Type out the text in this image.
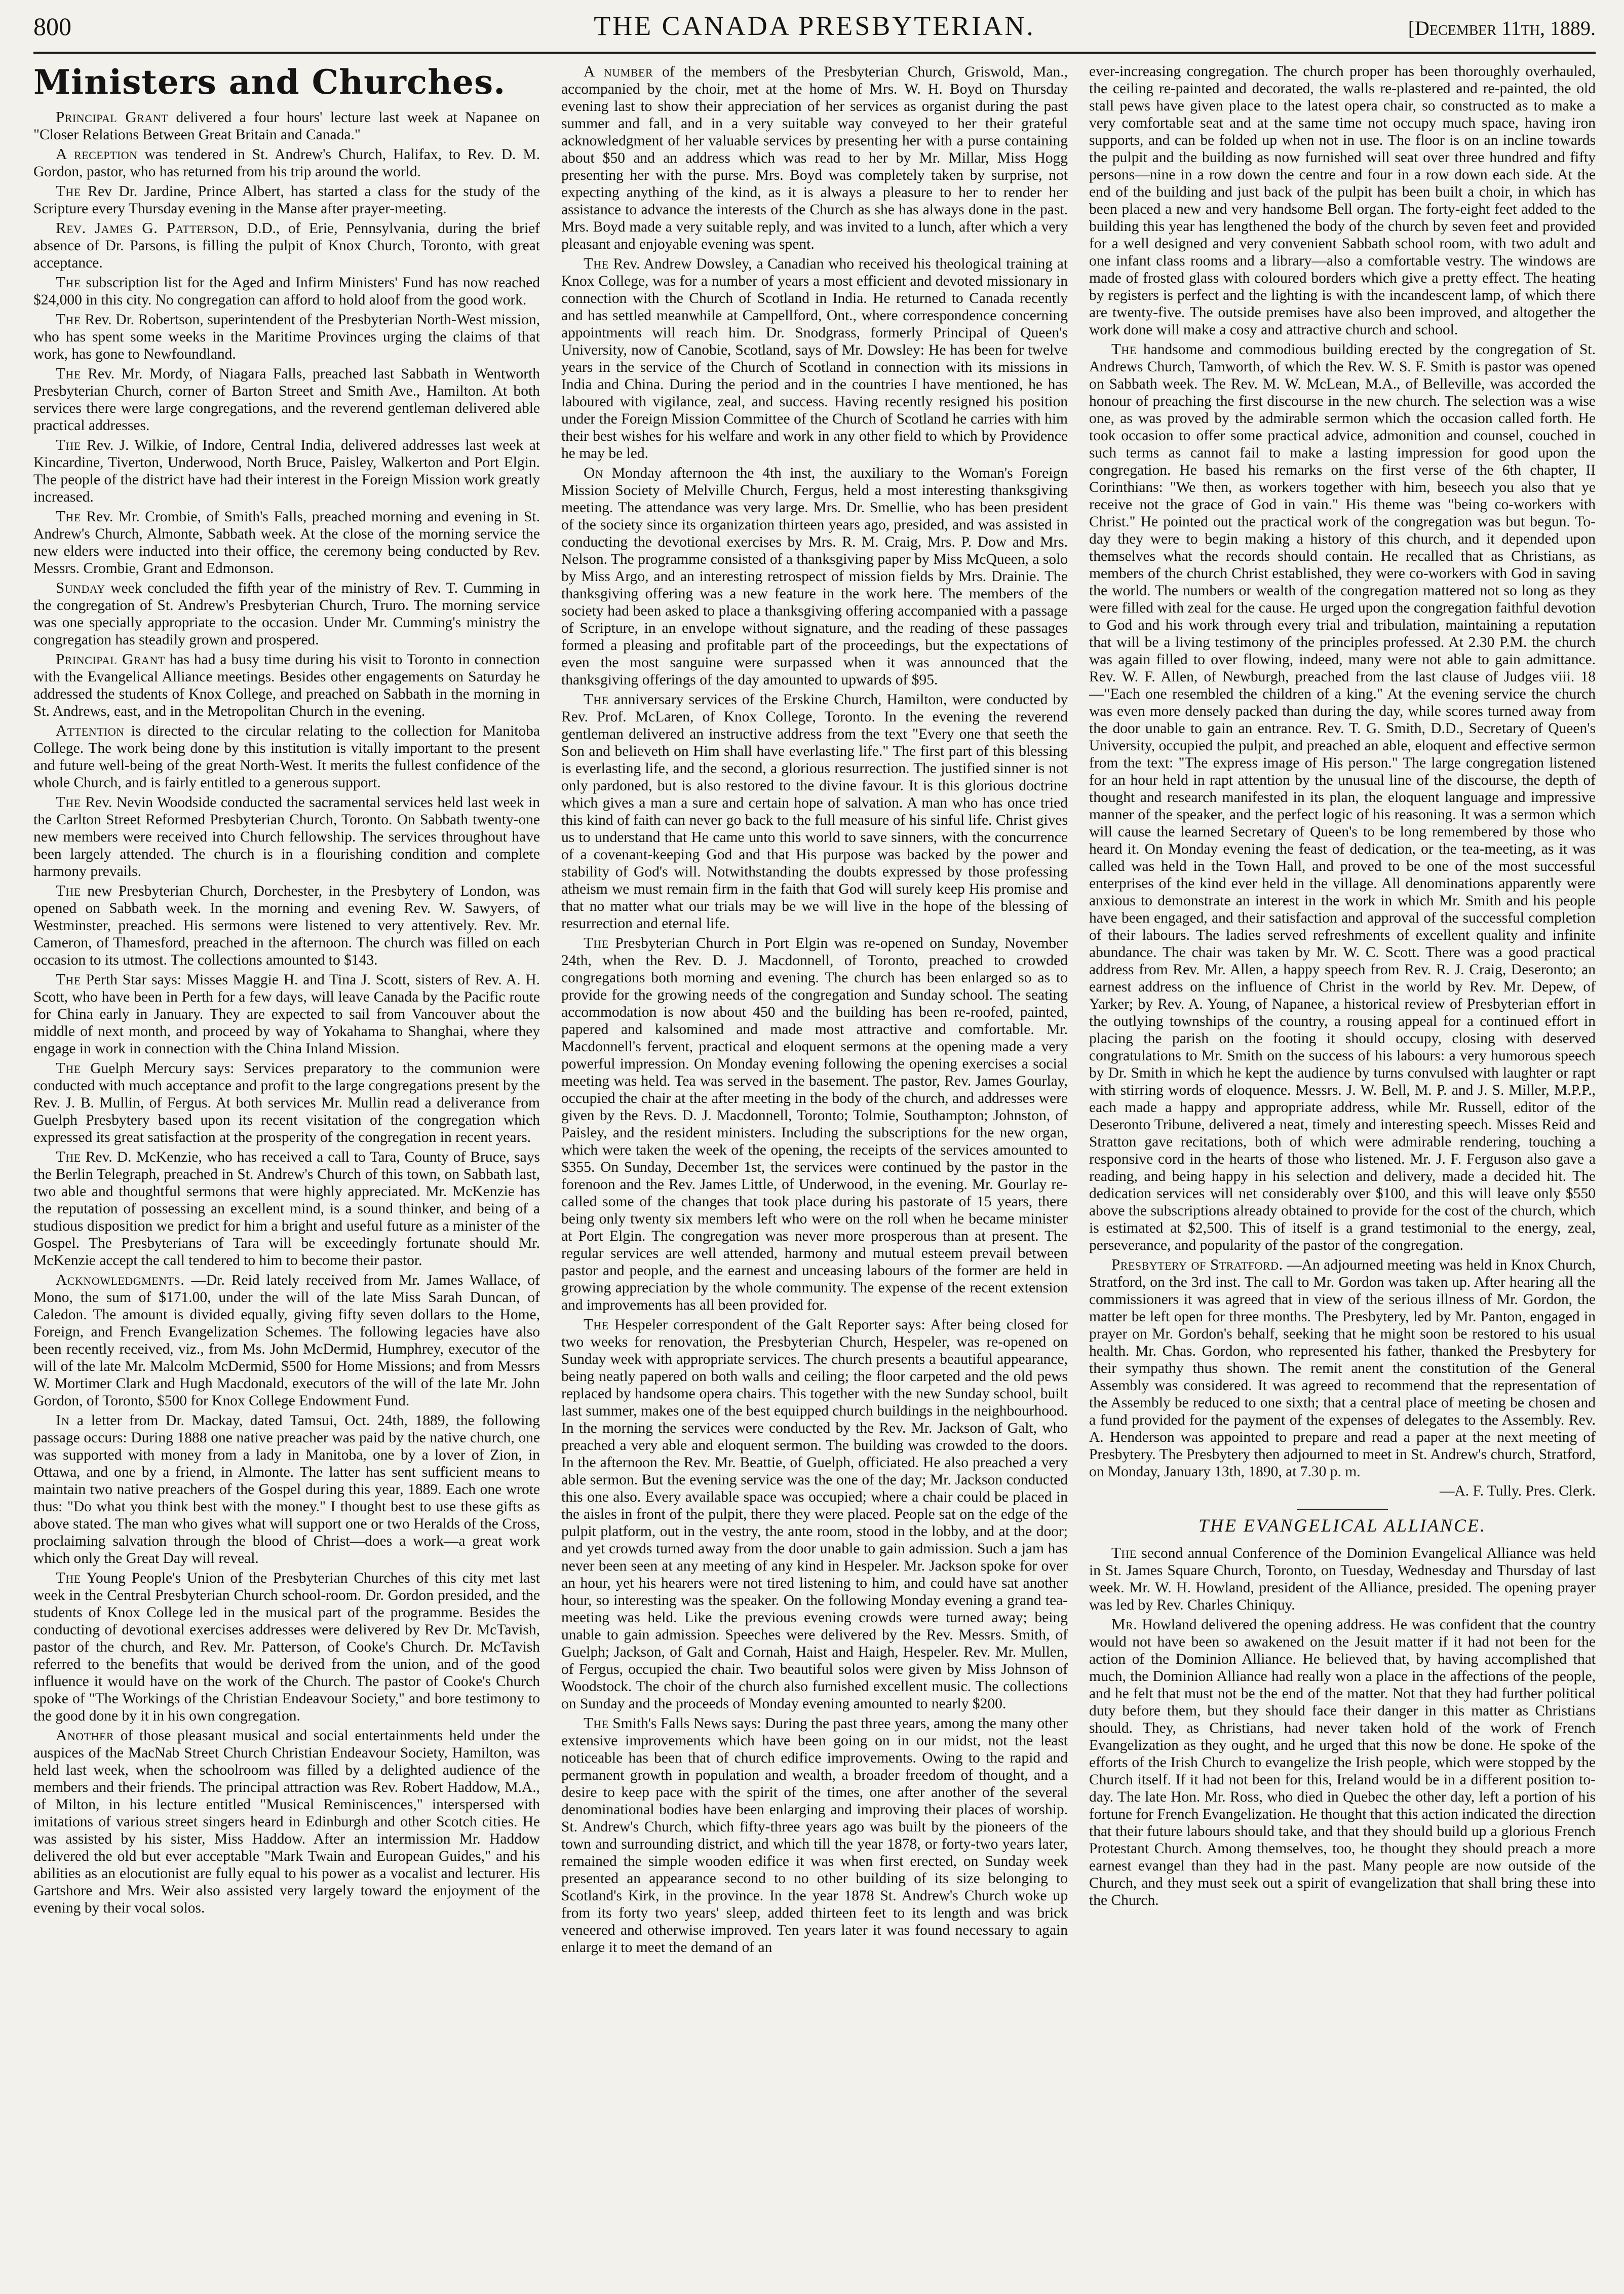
800	THE CANADA PRESBYTERIAN.	[December 11th, 1889.
Ministers and Churches.

Principal Grant delivered a four hours' lecture last week at Napanee on "Closer Relations Between Great Britain and Canada."

A reception was tendered in St. Andrew's Church, Halifax, to Rev. D. M. Gordon, pastor, who has returned from his trip around the world.

The Rev Dr. Jardine, Prince Albert, has started a class for the study of the Scripture every Thursday evening in the Manse after prayer-meeting.

Rev. James G. Patterson, D.D., of Erie, Pennsylvania, during the brief absence of Dr. Parsons, is filling the pulpit of Knox Church, Toronto, with great acceptance.

The subscription list for the Aged and Infirm Ministers' Fund has now reached $24,000 in this city. No congregation can afford to hold aloof from the good work.

The Rev. Dr. Robertson, superintendent of the Presbyterian North-West mission, who has spent some weeks in the Maritime Provinces urging the claims of that work, has gone to Newfoundland.

The Rev. Mr. Mordy, of Niagara Falls, preached last Sabbath in Wentworth Presbyterian Church, corner of Barton Street and Smith Ave., Hamilton. At both services there were large congregations, and the reverend gentleman delivered able practical addresses.

The Rev. J. Wilkie, of Indore, Central India, delivered addresses last week at Kincardine, Tiverton, Underwood, North Bruce, Paisley, Walkerton and Port Elgin. The people of the district have had their interest in the Foreign Mission work greatly increased.

The Rev. Mr. Crombie, of Smith's Falls, preached morning and evening in St. Andrew's Church, Almonte, Sabbath week. At the close of the morning service the new elders were inducted into their office, the ceremony being conducted by Rev. Messrs. Crombie, Grant and Edmonson.

Sunday week concluded the fifth year of the ministry of Rev. T. Cumming in the congregation of St. Andrew's Presbyterian Church, Truro. The morning service was one specially appropriate to the occasion. Under Mr. Cumming's ministry the congregation has steadily grown and prospered.

Principal Grant has had a busy time during his visit to Toronto in connection with the Evangelical Alliance meetings. Besides other engagements on Saturday he addressed the students of Knox College, and preached on Sabbath in the morning in St. Andrews, east, and in the Metropolitan Church in the evening.

Attention is directed to the circular relating to the collection for Manitoba College. The work being done by this institution is vitally important to the present and future well-being of the great North-West. It merits the fullest confidence of the whole Church, and is fairly entitled to a generous support.

The Rev. Nevin Woodside conducted the sacramental services held last week in the Carlton Street Reformed Presbyterian Church, Toronto. On Sabbath twenty-one new members were received into Church fellowship. The services throughout have been largely attended. The church is in a flourishing condition and complete harmony prevails.

The new Presbyterian Church, Dorchester, in the Presbytery of London, was opened on Sabbath week. In the morning and evening Rev. W. Sawyers, of Westminster, preached. His sermons were listened to very attentively. Rev. Mr. Cameron, of Thamesford, preached in the afternoon. The church was filled on each occasion to its utmost. The collections amounted to $143.

The Perth Star says: Misses Maggie H. and Tina J. Scott, sisters of Rev. A. H. Scott, who have been in Perth for a few days, will leave Canada by the Pacific route for China early in January. They are expected to sail from Vancouver about the middle of next month, and proceed by way of Yokahama to Shanghai, where they engage in work in connection with the China Inland Mission.

The Guelph Mercury says: Services preparatory to the communion were conducted with much acceptance and profit to the large congregations present by the Rev. J. B. Mullin, of Fergus. At both services Mr. Mullin read a deliverance from Guelph Presbytery based upon its recent visitation of the congregation which expressed its great satisfaction at the prosperity of the congregation in recent years.

The Rev. D. McKenzie, who has received a call to Tara, County of Bruce, says the Berlin Telegraph, preached in St. Andrew's Church of this town, on Sabbath last, two able and thoughtful sermons that were highly appreciated. Mr. McKenzie has the reputation of possessing an excellent mind, is a sound thinker, and being of a studious disposition we predict for him a bright and useful future as a minister of the Gospel. The Presbyterians of Tara will be exceedingly fortunate should Mr. McKenzie accept the call tendered to him to become their pastor.

Acknowledgments. —Dr. Reid lately received from Mr. James Wallace, of Mono, the sum of $171.00, under the will of the late Miss Sarah Duncan, of Caledon. The amount is divided equally, giving fifty seven dollars to the Home, Foreign, and French Evangelization Schemes. The following legacies have also been recently received, viz., from Ms. John McDermid, Humphrey, executor of the will of the late Mr. Malcolm McDermid, $500 for Home Missions; and from Messrs W. Mortimer Clark and Hugh Macdonald, executors of the will of the late Mr. John Gordon, of Toronto, $500 for Knox College Endowment Fund.

In a letter from Dr. Mackay, dated Tamsui, Oct. 24th, 1889, the following passage occurs: During 1888 one native preacher was paid by the native church, one was supported with money from a lady in Manitoba, one by a lover of Zion, in Ottawa, and one by a friend, in Almonte. The latter has sent sufficient means to maintain two native preachers of the Gospel during this year, 1889. Each one wrote thus: "Do what you think best with the money." I thought best to use these gifts as above stated. The man who gives what will support one or two Heralds of the Cross, proclaiming salvation through the blood of Christ—does a work—a great work which only the Great Day will reveal.

The Young People's Union of the Presbyterian Churches of this city met last week in the Central Presbyterian Church school-room. Dr. Gordon presided, and the students of Knox College led in the musical part of the programme. Besides the conducting of devotional exercises addresses were delivered by Rev Dr. McTavish, pastor of the church, and Rev. Mr. Patterson, of Cooke's Church. Dr. McTavish referred to the benefits that would be derived from the union, and of the good influence it would have on the work of the Church. The pastor of Cooke's Church spoke of "The Workings of the Christian Endeavour Society," and bore testimony to the good done by it in his own congregation.

Another of those pleasant musical and social entertainments held under the auspices of the MacNab Street Church Christian Endeavour Society, Hamilton, was held last week, when the schoolroom was filled by a delighted audience of the members and their friends. The principal attraction was Rev. Robert Haddow, M.A., of Milton, in his lecture entitled "Musical Reminiscences," interspersed with imitations of various street singers heard in Edinburgh and other Scotch cities. He was assisted by his sister, Miss Haddow. After an intermission Mr. Haddow delivered the old but ever acceptable "Mark Twain and European Guides," and his abilities as an elocutionist are fully equal to his power as a vocalist and lecturer. His Gartshore and Mrs. Weir also assisted very largely toward the enjoyment of the evening by their vocal solos.

A number of the members of the Presbyterian Church, Griswold, Man., accompanied by the choir, met at the home of Mrs. W. H. Boyd on Thursday evening last to show their appreciation of her services as organist during the past summer and fall, and in a very suitable way conveyed to her their grateful acknowledgment of her valuable services by presenting her with a purse containing about $50 and an address which was read to her by Mr. Millar, Miss Hogg presenting her with the purse. Mrs. Boyd was completely taken by surprise, not expecting anything of the kind, as it is always a pleasure to her to render her assistance to advance the interests of the Church as she has always done in the past. Mrs. Boyd made a very suitable reply, and was invited to a lunch, after which a very pleasant and enjoyable evening was spent.

The Rev. Andrew Dowsley, a Canadian who received his theological training at Knox College, was for a number of years a most efficient and devoted missionary in connection with the Church of Scotland in India. He returned to Canada recently and has settled meanwhile at Campellford, Ont., where correspondence concerning appointments will reach him. Dr. Snodgrass, formerly Principal of Queen's University, now of Canobie, Scotland, says of Mr. Dowsley: He has been for twelve years in the service of the Church of Scotland in connection with its missions in India and China. During the period and in the countries I have mentioned, he has laboured with vigilance, zeal, and success. Having recently resigned his position under the Foreign Mission Committee of the Church of Scotland he carries with him their best wishes for his welfare and work in any other field to which by Providence he may be led.

On Monday afternoon the 4th inst, the auxiliary to the Woman's Foreign Mission Society of Melville Church, Fergus, held a most interesting thanksgiving meeting. The attendance was very large. Mrs. Dr. Smellie, who has been president of the society since its organization thirteen years ago, presided, and was assisted in conducting the devotional exercises by Mrs. R. M. Craig, Mrs. P. Dow and Mrs. Nelson. The programme consisted of a thanksgiving paper by Miss McQueen, a solo by Miss Argo, and an interesting retrospect of mission fields by Mrs. Drainie. The thanksgiving offering was a new feature in the work here. The members of the society had been asked to place a thanksgiving offering accompanied with a passage of Scripture, in an envelope without signature, and the reading of these passages formed a pleasing and profitable part of the proceedings, but the expectations of even the most sanguine were surpassed when it was announced that the thanksgiving offerings of the day amounted to upwards of $95.

The anniversary services of the Erskine Church, Hamilton, were conducted by Rev. Prof. McLaren, of Knox College, Toronto. In the evening the reverend gentleman delivered an instructive address from the text "Every one that seeth the Son and believeth on Him shall have everlasting life." The first part of this blessing is everlasting life, and the second, a glorious resurrection. The justified sinner is not only pardoned, but is also restored to the divine favour. It is this glorious doctrine which gives a man a sure and certain hope of salvation. A man who has once tried this kind of faith can never go back to the full measure of his sinful life. Christ gives us to understand that He came unto this world to save sinners, with the concurrence of a covenant-keeping God and that His purpose was backed by the power and stability of God's will. Notwithstanding the doubts expressed by those professing atheism we must remain firm in the faith that God will surely keep His promise and that no matter what our trials may be we will live in the hope of the blessing of resurrection and eternal life.

The Presbyterian Church in Port Elgin was re-opened on Sunday, November 24th, when the Rev. D. J. Macdonnell, of Toronto, preached to crowded congregations both morning and evening. The church has been enlarged so as to provide for the growing needs of the congregation and Sunday school. The seating accommodation is now about 450 and the building has been re-roofed, painted, papered and kalsomined and made most attractive and comfortable. Mr. Macdonnell's fervent, practical and eloquent sermons at the opening made a very powerful impression. On Monday evening following the opening exercises a social meeting was held. Tea was served in the basement. The pastor, Rev. James Gourlay, occupied the chair at the after meeting in the body of the church, and addresses were given by the Revs. D. J. Macdonnell, Toronto; Tolmie, Southampton; Johnston, of Paisley, and the resident ministers. Including the subscriptions for the new organ, which were taken the week of the opening, the receipts of the services amounted to $355. On Sunday, December 1st, the services were continued by the pastor in the forenoon and the Rev. James Little, of Underwood, in the evening. Mr. Gourlay re-called some of the changes that took place during his pastorate of 15 years, there being only twenty six members left who were on the roll when he became minister at Port Elgin. The congregation was never more prosperous than at present. The regular services are well attended, harmony and mutual esteem prevail between pastor and people, and the earnest and unceasing labours of the former are held in growing appreciation by the whole community. The expense of the recent extension and improvements has all been provided for.

The Hespeler correspondent of the Galt Reporter says: After being closed for two weeks for renovation, the Presbyterian Church, Hespeler, was re-opened on Sunday week with appropriate services. The church presents a beautiful appearance, being neatly papered on both walls and ceiling; the floor carpeted and the old pews replaced by handsome opera chairs. This together with the new Sunday school, built last summer, makes one of the best equipped church buildings in the neighbourhood. In the morning the services were conducted by the Rev. Mr. Jackson of Galt, who preached a very able and eloquent sermon. The building was crowded to the doors. In the afternoon the Rev. Mr. Beattie, of Guelph, officiated. He also preached a very able sermon. But the evening service was the one of the day; Mr. Jackson conducted this one also. Every available space was occupied; where a chair could be placed in the aisles in front of the pulpit, there they were placed. People sat on the edge of the pulpit platform, out in the vestry, the ante room, stood in the lobby, and at the door; and yet crowds turned away from the door unable to gain admission. Such a jam has never been seen at any meeting of any kind in Hespeler. Mr. Jackson spoke for over an hour, yet his hearers were not tired listening to him, and could have sat another hour, so interesting was the speaker. On the following Monday evening a grand tea-meeting was held. Like the previous evening crowds were turned away; being unable to gain admission. Speeches were delivered by the Rev. Messrs. Smith, of Guelph; Jackson, of Galt and Cornah, Haist and Haigh, Hespeler. Rev. Mr. Mullen, of Fergus, occupied the chair. Two beautiful solos were given by Miss Johnson of Woodstock. The choir of the church also furnished excellent music. The collections on Sunday and the proceeds of Monday evening amounted to nearly $200.

The Smith's Falls News says: During the past three years, among the many other extensive improvements which have been going on in our midst, not the least noticeable has been that of church edifice improvements. Owing to the rapid and permanent growth in population and wealth, a broader freedom of thought, and a desire to keep pace with the spirit of the times, one after another of the several denominational bodies have been enlarging and improving their places of worship. St. Andrew's Church, which fifty-three years ago was built by the pioneers of the town and surrounding district, and which till the year 1878, or forty-two years later, remained the simple wooden edifice it was when first erected, on Sunday week presented an appearance second to no other building of its size belonging to Scotland's Kirk, in the province. In the year 1878 St. Andrew's Church woke up from its forty two years' sleep, added thirteen feet to its length and was brick veneered and otherwise improved. Ten years later it was found necessary to again enlarge it to meet the demand of an

ever-increasing congregation. The church proper has been thoroughly overhauled, the ceiling re-painted and decorated, the walls re-plastered and re-painted, the old stall pews have given place to the latest opera chair, so constructed as to make a very comfortable seat and at the same time not occupy much space, having iron supports, and can be folded up when not in use. The floor is on an incline towards the pulpit and the building as now furnished will seat over three hundred and fifty persons—nine in a row down the centre and four in a row down each side. At the end of the building and just back of the pulpit has been built a choir, in which has been placed a new and very handsome Bell organ. The forty-eight feet added to the building this year has lengthened the body of the church by seven feet and provided for a well designed and very convenient Sabbath school room, with two adult and one infant class rooms and a library—also a comfortable vestry. The windows are made of frosted glass with coloured borders which give a pretty effect. The heating by registers is perfect and the lighting is with the incandescent lamp, of which there are twenty-five. The outside premises have also been improved, and altogether the work done will make a cosy and attractive church and school.

The handsome and commodious building erected by the congregation of St. Andrews Church, Tamworth, of which the Rev. W. S. F. Smith is pastor was opened on Sabbath week. The Rev. M. W. McLean, M.A., of Belleville, was accorded the honour of preaching the first discourse in the new church. The selection was a wise one, as was proved by the admirable sermon which the occasion called forth. He took occasion to offer some practical advice, admonition and counsel, couched in such terms as cannot fail to make a lasting impression for good upon the congregation. He based his remarks on the first verse of the 6th chapter, II Corinthians: "We then, as workers together with him, beseech you also that ye receive not the grace of God in vain." His theme was "being co-workers with Christ." He pointed out the practical work of the congregation was but begun. To-day they were to begin making a history of this church, and it depended upon themselves what the records should contain. He recalled that as Christians, as members of the church Christ established, they were co-workers with God in saving the world. The numbers or wealth of the congregation mattered not so long as they were filled with zeal for the cause. He urged upon the congregation faithful devotion to God and his work through every trial and tribulation, maintaining a reputation that will be a living testimony of the principles professed. At 2.30 P.M. the church was again filled to over flowing, indeed, many were not able to gain admittance. Rev. W. F. Allen, of Newburgh, preached from the last clause of Judges viii. 18—"Each one resembled the children of a king." At the evening service the church was even more densely packed than during the day, while scores turned away from the door unable to gain an entrance. Rev. T. G. Smith, D.D., Secretary of Queen's University, occupied the pulpit, and preached an able, eloquent and effective sermon from the text: "The express image of His person." The large congregation listened for an hour held in rapt attention by the unusual line of the discourse, the depth of thought and research manifested in its plan, the eloquent language and impressive manner of the speaker, and the perfect logic of his reasoning. It was a sermon which will cause the learned Secretary of Queen's to be long remembered by those who heard it. On Monday evening the feast of dedication, or the tea-meeting, as it was called was held in the Town Hall, and proved to be one of the most successful enterprises of the kind ever held in the village. All denominations apparently were anxious to demonstrate an interest in the work in which Mr. Smith and his people have been engaged, and their satisfaction and approval of the successful completion of their labours. The ladies served refreshments of excellent quality and infinite abundance. The chair was taken by Mr. W. C. Scott. There was a good practical address from Rev. Mr. Allen, a happy speech from Rev. R. J. Craig, Deseronto; an earnest address on the influence of Christ in the world by Rev. Mr. Depew, of Yarker; by Rev. A. Young, of Napanee, a historical review of Presbyterian effort in the outlying townships of the country, a rousing appeal for a continued effort in placing the parish on the footing it should occupy, closing with deserved congratulations to Mr. Smith on the success of his labours: a very humorous speech by Dr. Smith in which he kept the audience by turns convulsed with laughter or rapt with stirring words of eloquence. Messrs. J. W. Bell, M. P. and J. S. Miller, M.P.P., each made a happy and appropriate address, while Mr. Russell, editor of the Deseronto Tribune, delivered a neat, timely and interesting speech. Misses Reid and Stratton gave recitations, both of which were admirable rendering, touching a responsive cord in the hearts of those who listened. Mr. J. F. Ferguson also gave a reading, and being happy in his selection and delivery, made a decided hit. The dedication services will net considerably over $100, and this will leave only $550 above the subscriptions already obtained to provide for the cost of the church, which is estimated at $2,500. This of itself is a grand testimonial to the energy, zeal, perseverance, and popularity of the pastor of the congregation.

Presbytery of Stratford. —An adjourned meeting was held in Knox Church, Stratford, on the 3rd inst. The call to Mr. Gordon was taken up. After hearing all the commissioners it was agreed that in view of the serious illness of Mr. Gordon, the matter be left open for three months. The Presbytery, led by Mr. Panton, engaged in prayer on Mr. Gordon's behalf, seeking that he might soon be restored to his usual health. Mr. Chas. Gordon, who represented his father, thanked the Presbytery for their sympathy thus shown. The remit anent the constitution of the General Assembly was considered. It was agreed to recommend that the representation of the Assembly be reduced to one sixth; that a central place of meeting be chosen and a fund provided for the payment of the expenses of delegates to the Assembly. Rev. A. Henderson was appointed to prepare and read a paper at the next meeting of Presbytery. The Presbytery then adjourned to meet in St. Andrew's church, Stratford, on Monday, January 13th, 1890, at 7.30 p. m.

—A. F. Tully. Pres. Clerk.

THE EVANGELICAL ALLIANCE.

The second annual Conference of the Dominion Evangelical Alliance was held in St. James Square Church, Toronto, on Tuesday, Wednesday and Thursday of last week. Mr. W. H. Howland, president of the Alliance, presided. The opening prayer was led by Rev. Charles Chiniquy.

Mr. Howland delivered the opening address. He was confident that the country would not have been so awakened on the Jesuit matter if it had not been for the action of the Dominion Alliance. He believed that, by having accomplished that much, the Dominion Alliance had really won a place in the affections of the people, and he felt that must not be the end of the matter. Not that they had further political duty before them, but they should face their danger in this matter as Christians should. They, as Christians, had never taken hold of the work of French Evangelization as they ought, and he urged that this now be done. He spoke of the efforts of the Irish Church to evangelize the Irish people, which were stopped by the Church itself. If it had not been for this, Ireland would be in a different position to-day. The late Hon. Mr. Ross, who died in Quebec the other day, left a portion of his fortune for French Evangelization. He thought that this action indicated the direction that their future labours should take, and that they should build up a glorious French Protestant Church. Among themselves, too, he thought they should preach a more earnest evangel than they had in the past. Many people are now outside of the Church, and they must seek out a spirit of evangelization that shall bring these into the Church.
